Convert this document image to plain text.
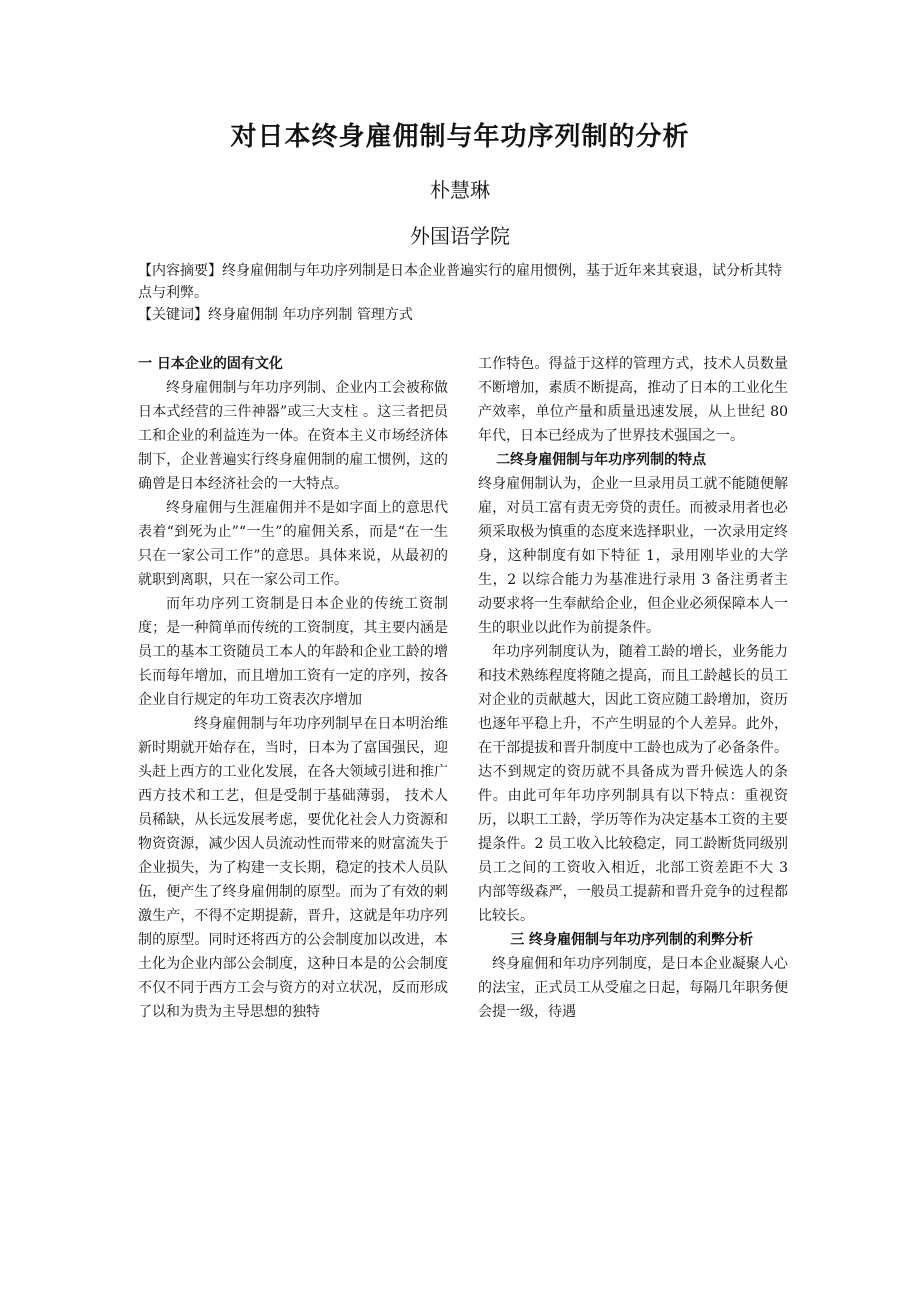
对日本终身雇佣制与年功序列制的分析
朴慧琳
外国语学院

【内容摘要】终身雇佣制与年功序列制是日本企业普遍实行的雇用惯例，基于近年来其衰退，试分析其特点与利弊。

【关键词】终身雇佣制 年功序列制 管理方式

一 日本企业的固有文化

终身雇佣制与年功序列制、企业内工会被称做日本式经营的三件神器”或三大支柱 。这三者把员工和企业的利益连为一体。在资本主义市场经济体制下，企业普遍实行终身雇佣制的雇工惯例，这的确曾是日本经济社会的一大特点。

终身雇佣与生涯雇佣并不是如字面上的意思代表着“到死为止”“一生”的雇佣关系，而是“在一生只在一家公司工作”的意思。具体来说，从最初的就职到离职，只在一家公司工作。

而年功序列工资制是日本企业的传统工资制度；是一种简单而传统的工资制度，其主要内涵是员工的基本工资随员工本人的年龄和企业工龄的增长而每年增加，而且增加工资有一定的序列，按各企业自行规定的年功工资表次序增加

终身雇佣制与年功序列制早在日本明治维新时期就开始存在，当时，日本为了富国强民，迎头赶上西方的工业化发展，在各大领域引进和推广西方技术和工艺，但是受制于基础薄弱， 技术人员稀缺，从长远发展考虑，要优化社会人力资源和物资资源，减少因人员流动性而带来的财富流失于企业损失，为了构建一支长期，稳定的技术人员队伍，便产生了终身雇佣制的原型。而为了有效的刺激生产，不得不定期提薪，晋升，这就是年功序列制的原型。同时还将西方的公会制度加以改进，本土化为企业内部公会制度，这种日本是的公会制度不仅不同于西方工会与资方的对立状况，反而形成了以和为贵为主导思想的独特

工作特色。得益于这样的管理方式，技术人员数量不断增加，素质不断提高，推动了日本的工业化生产效率，单位产量和质量迅速发展，从上世纪 80 年代，日本已经成为了世界技术强国之一。

二终身雇佣制与年功序列制的特点

终身雇佣制认为，企业一旦录用员工就不能随便解雇，对员工富有责无旁贷的责任。而被录用者也必须采取极为慎重的态度来选择职业，一次录用定终身，这种制度有如下特征 1，录用刚毕业的大学生，2 以综合能力为基准进行录用 3 备注勇者主动要求将一生奉献给企业，但企业必须保障本人一生的职业以此作为前提条件。

年功序列制度认为，随着工龄的增长，业务能力和技术熟练程度将随之提高，而且工龄越长的员工对企业的贡献越大，因此工资应随工龄增加，资历也逐年平稳上升，不产生明显的个人差异。此外，在干部提拔和晋升制度中工龄也成为了必备条件。达不到规定的资历就不具备成为晋升候选人的条件。由此可年年功序列制具有以下特点：重视资历，以职工工龄，学历等作为决定基本工资的主要提条件。2 员工收入比较稳定，同工龄断货同级别员工之间的工资收入相近，北部工资差距不大 3 内部等级森严，一般员工提薪和晋升竞争的过程都比较长。

三 终身雇佣制与年功序列制的利弊分析

终身雇佣和年功序列制度，是日本企业凝聚人心的法宝，正式员工从受雇之日起，每隔几年职务便会提一级，待遇
